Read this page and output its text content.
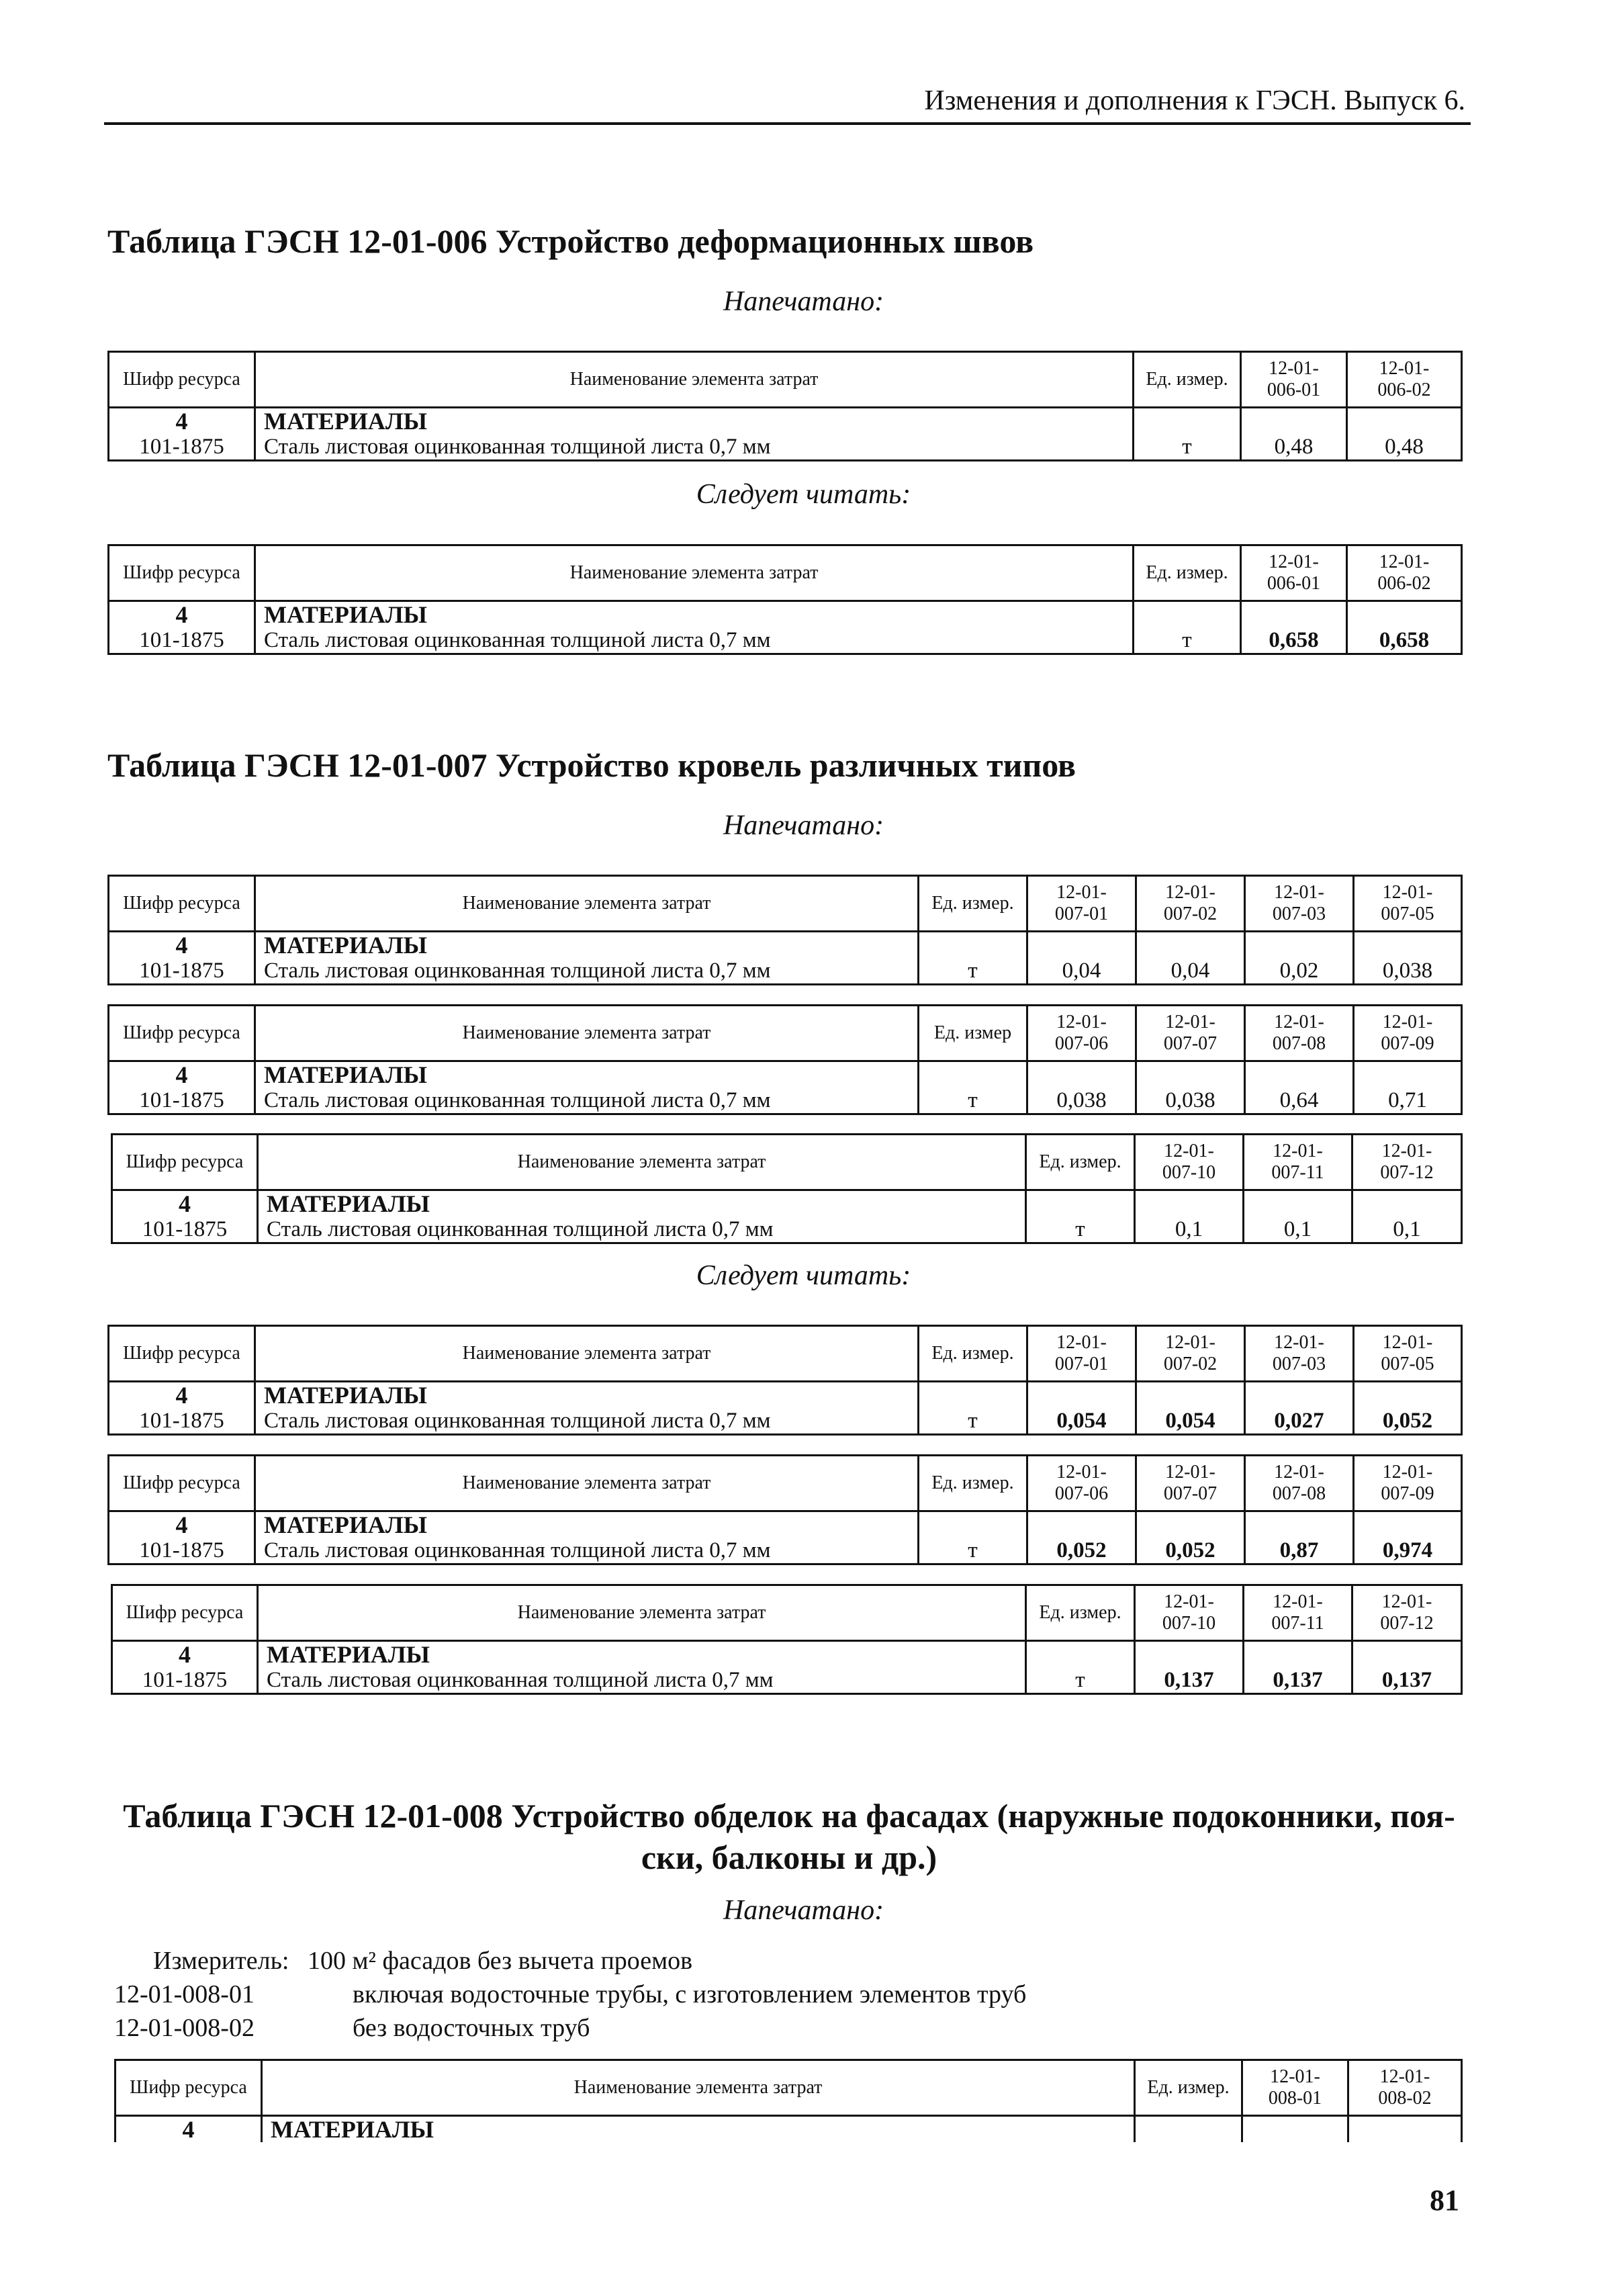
Изменения и дополнения к ГЭСН. Выпуск 6.
Таблица ГЭСН 12-01-006 Устройство деформационных швов
Напечатано:
Шифр ресурса	Наименование элемента затрат	Ед. измер.	12-01-
006-01	12-01-
006-02
4	МАТЕРИАЛЫ			
101-1875	Сталь листовая оцинкованная толщиной листа 0,7 мм	т	0,48	0,48
Следует читать:
Шифр ресурса	Наименование элемента затрат	Ед. измер.	12-01-
006-01	12-01-
006-02
4	МАТЕРИАЛЫ			
101-1875	Сталь листовая оцинкованная толщиной листа 0,7 мм	т	0,658	0,658
Таблица ГЭСН 12-01-007 Устройство кровель различных типов
Напечатано:
Шифр ресурса	Наименование элемента затрат	Ед. измер.	12-01-
007-01	12-01-
007-02	12-01-
007-03	12-01-
007-05
4	МАТЕРИАЛЫ					
101-1875	Сталь листовая оцинкованная толщиной листа 0,7 мм	т	0,04	0,04	0,02	0,038
Шифр ресурса	Наименование элемента затрат	Ед. измер	12-01-
007-06	12-01-
007-07	12-01-
007-08	12-01-
007-09
4	МАТЕРИАЛЫ					
101-1875	Сталь листовая оцинкованная толщиной листа 0,7 мм	т	0,038	0,038	0,64	0,71
Шифр ресурса	Наименование элемента затрат	Ед. измер.	12-01-
007-10	12-01-
007-11	12-01-
007-12
4	МАТЕРИАЛЫ				
101-1875	Сталь листовая оцинкованная толщиной листа 0,7 мм	т	0,1	0,1	0,1
Следует читать:
Шифр ресурса	Наименование элемента затрат	Ед. измер.	12-01-
007-01	12-01-
007-02	12-01-
007-03	12-01-
007-05
4	МАТЕРИАЛЫ					
101-1875	Сталь листовая оцинкованная толщиной листа 0,7 мм	т	0,054	0,054	0,027	0,052
Шифр ресурса	Наименование элемента затрат	Ед. измер.	12-01-
007-06	12-01-
007-07	12-01-
007-08	12-01-
007-09
4	МАТЕРИАЛЫ					
101-1875	Сталь листовая оцинкованная толщиной листа 0,7 мм	т	0,052	0,052	0,87	0,974
Шифр ресурса	Наименование элемента затрат	Ед. измер.	12-01-
007-10	12-01-
007-11	12-01-
007-12
4	МАТЕРИАЛЫ				
101-1875	Сталь листовая оцинкованная толщиной листа 0,7 мм	т	0,137	0,137	0,137
Таблица ГЭСН 12-01-008 Устройство обделок на фасадах (наружные подоконники, поя-
ски, балконы и др.)
Напечатано:
Измеритель: 100 м² фасадов без вычета проемов
12-01-008-01	включая водосточные трубы, с изготовлением элементов труб
12-01-008-02	без водосточных труб
Шифр ресурса	Наименование элемента затрат	Ед. измер.	12-01-
008-01	12-01-
008-02
4	МАТЕРИАЛЫ			
81
